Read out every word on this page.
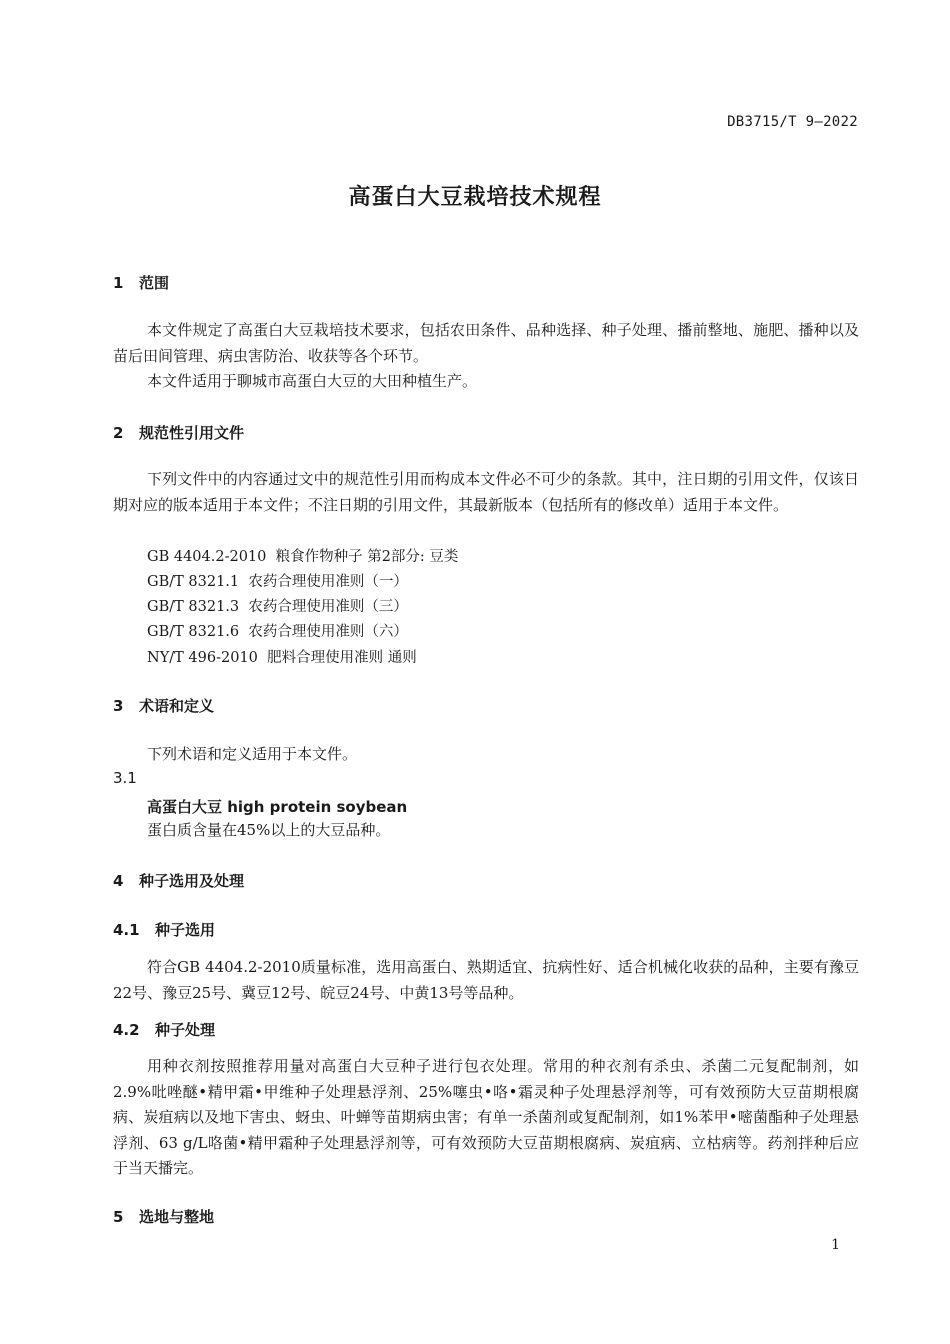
DB3715/T 9—2022
高蛋白大豆栽培技术规程
1 范围
本文件规定了高蛋白大豆栽培技术要求，包括农田条件、品种选择、种子处理、播前整地、施肥、播种以及苗后田间管理、病虫害防治、收获等各个环节。
本文件适用于聊城市高蛋白大豆的大田种植生产。
2 规范性引用文件
下列文件中的内容通过文中的规范性引用而构成本文件必不可少的条款。其中，注日期的引用文件，仅该日期对应的版本适用于本文件；不注日期的引用文件，其最新版本（包括所有的修改单）适用于本文件。
GB 4404.2-2010  粮食作物种子 第2部分: 豆类
GB/T 8321.1  农药合理使用准则（一）
GB/T 8321.3  农药合理使用准则（三）
GB/T 8321.6  农药合理使用准则（六）
NY/T 496-2010  肥料合理使用准则 通则
3 术语和定义
下列术语和定义适用于本文件。
3.1
高蛋白大豆 high protein soybean
蛋白质含量在45%以上的大豆品种。
4 种子选用及处理
4.1 种子选用
符合GB 4404.2-2010质量标准，选用高蛋白、熟期适宜、抗病性好、适合机械化收获的品种，主要有豫豆22号、豫豆25号、冀豆12号、皖豆24号、中黄13号等品种。
4.2 种子处理
用种衣剂按照推荐用量对高蛋白大豆种子进行包衣处理。常用的种衣剂有杀虫、杀菌二元复配制剂，如2.9%吡唑醚•精甲霜•甲维种子处理悬浮剂、25%噻虫•咯•霜灵种子处理悬浮剂等，可有效预防大豆苗期根腐病、炭疽病以及地下害虫、蚜虫、叶蝉等苗期病虫害；有单一杀菌剂或复配制剂，如1%苯甲•嘧菌酯种子处理悬浮剂、63 g/L咯菌•精甲霜种子处理悬浮剂等，可有效预防大豆苗期根腐病、炭疽病、立枯病等。药剂拌种后应于当天播完。
5 选地与整地
1
